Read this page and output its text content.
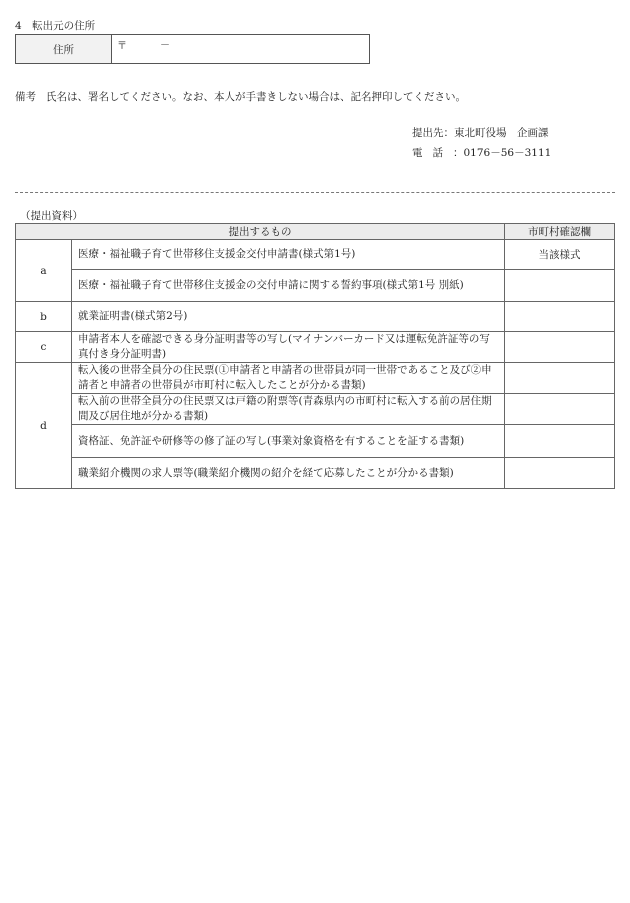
4　転出元の住所
住所	〒	－
備考 氏名は、署名してください。なお、本人が手書きしない場合は、記名押印してください。
提出先：東北町役場　企画課
電話：0176－56－3111
（提出資料）
提出するもの		市町村確認欄
a	医療・福祉職子育て世帯移住支援金交付申請書(様式第1号)	当該様式
	医療・福祉職子育て世帯移住支援金の交付申請に関する誓約事項(様式第1号 別紙)	
b	就業証明書(様式第2号)	
c	申請者本人を確認できる身分証明書等の写し(マイナンバーカード又は運転免許証等の写真付き身分証明書)	
d	転入後の世帯全員分の住民票(①申請者と申請者の世帯員が同一世帯であること及び②申請者と申請者の世帯員が市町村に転入したことが分かる書類)	
	転入前の世帯全員分の住民票又は戸籍の附票等(青森県内の市町村に転入する前の居住期間及び居住地が分かる書類)	
	資格証、免許証や研修等の修了証の写し(事業対象資格を有することを証する書類)	
	職業紹介機関の求人票等(職業紹介機関の紹介を経て応募したことが分かる書類)	
